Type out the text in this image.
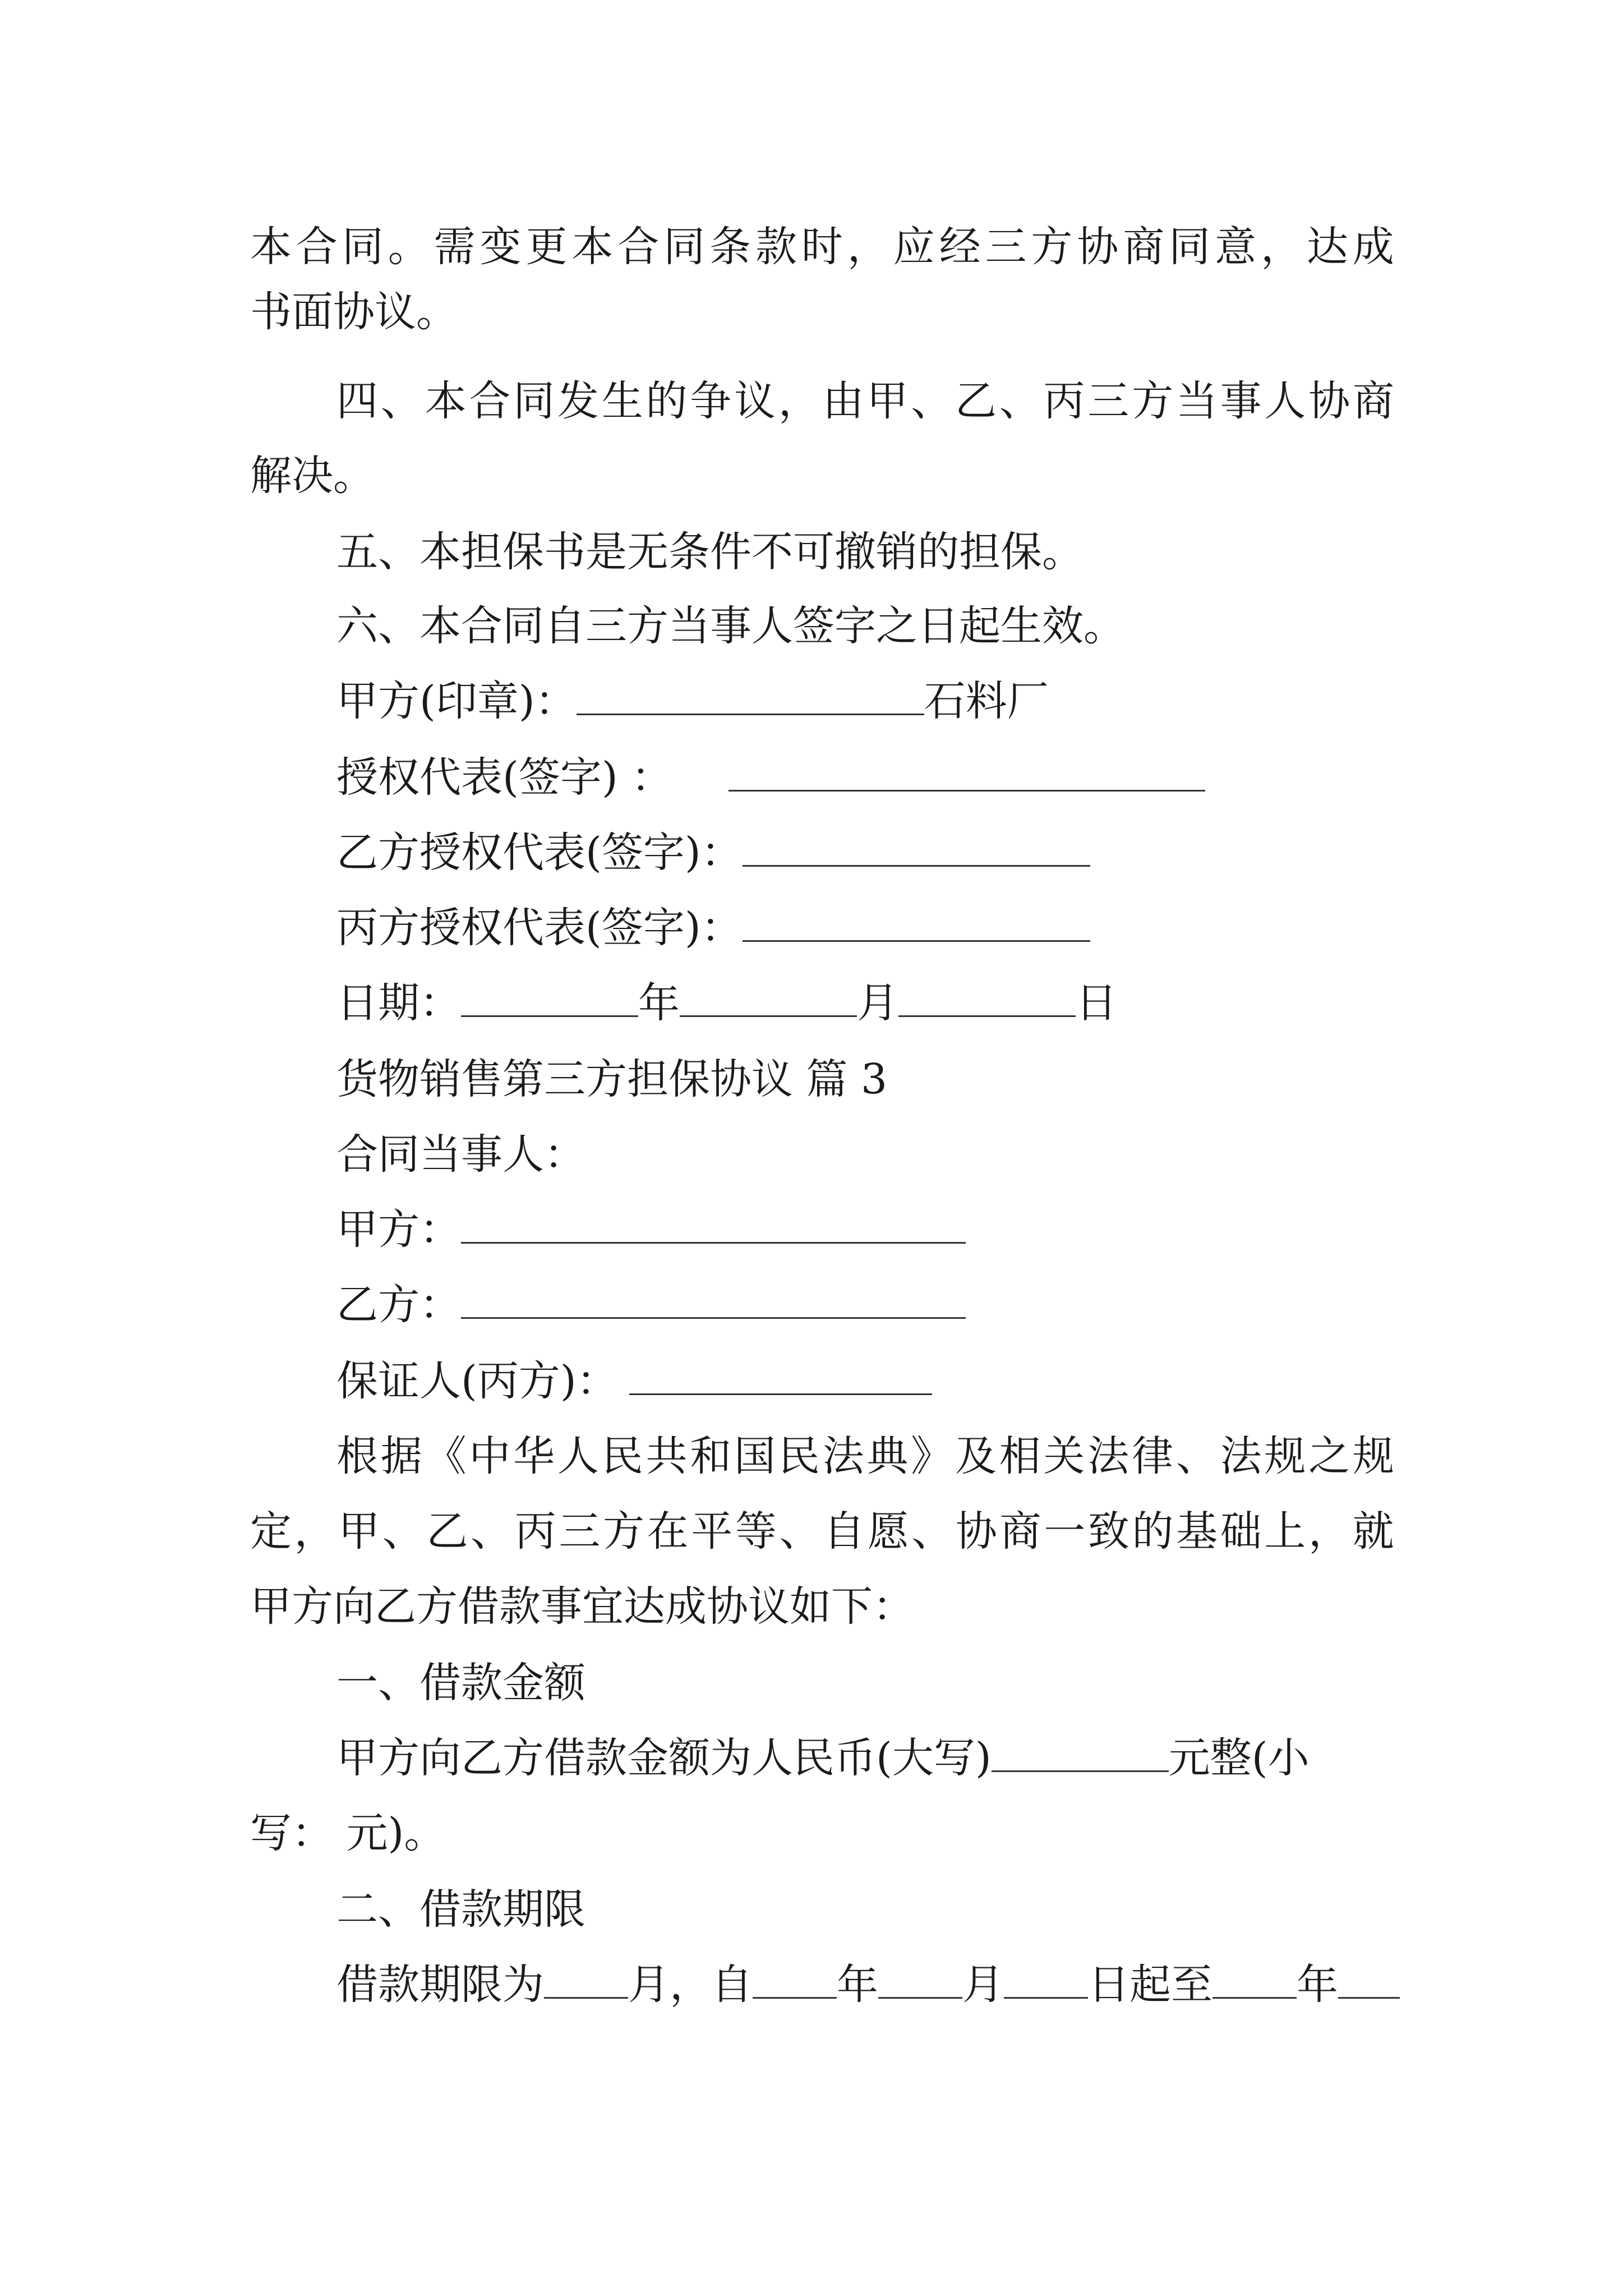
本 合 同 。 需 变 更 本 合 同 条 款 时 ， 应 经 三 方 协 商 同 意 ， 达 成
书面协议。
四 、 本 合 同 发 生 的 争 议 ， 由 甲 、 乙 、 丙 三 方 当 事 人 协 商
解决。
五、本担保书是无条件不可撤销的担保。
六、本合同自三方当事人签字之日起生效。
甲方(印章)：	石料厂
授权代表(签字) ：
乙方授权代表(签字)：
丙方授权代表(签字)：
日期：	年	月	日
货物销售第三方担保协议 篇 3
合同当事人：
甲方：
乙方：
保证人(丙方)：
根 据 《 中 华 人 民 共 和 国 民 法 典 》 及 相 关 法 律 、 法 规 之 规
定 ， 甲 、 乙 、 丙 三 方 在 平 等 、 自 愿 、 协 商 一 致 的 基 础 上 ， 就
甲方向乙方借款事宜达成协议如下：
一、借款金额
甲方向乙方借款金额为人民币(大写)	元整(小
写： 元)。
二、借款期限
借款期限为 月，自 年 月 日起至 年
